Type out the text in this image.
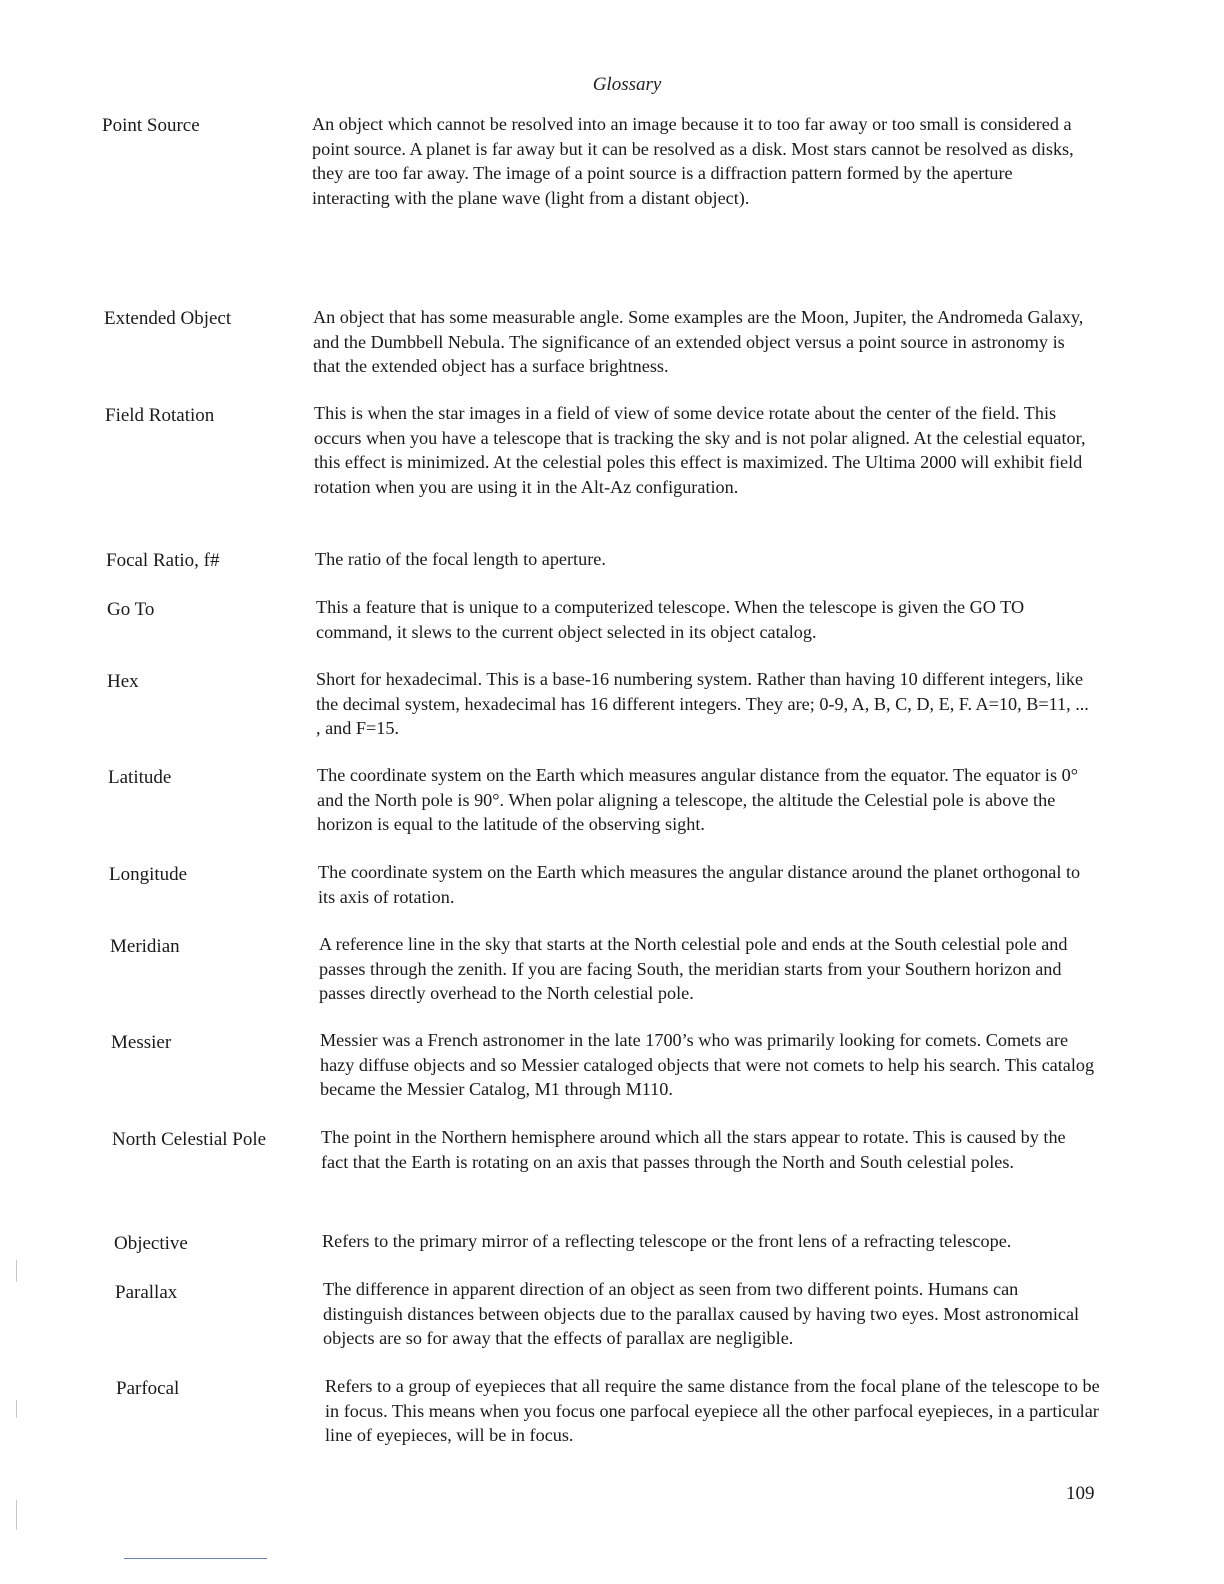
Glossary
Point Source	An object which cannot be resolved into an image because it to too far away or too small is considered a point source. A planet is far away but it can be resolved as a disk. Most stars cannot be resolved as disks, they are too far away. The image of a point source is a diffraction pattern formed by the aperture interacting with the plane wave (light from a distant object).
Extended Object	An object that has some measurable angle. Some examples are the Moon, Jupiter, the Andromeda Galaxy, and the Dumbbell Nebula. The significance of an extended object versus a point source in astronomy is that the extended object has a surface brightness.
Field Rotation	This is when the star images in a field of view of some device rotate about the center of the field. This occurs when you have a telescope that is tracking the sky and is not polar aligned. At the celestial equator, this effect is minimized. At the celestial poles this effect is maximized. The Ultima 2000 will exhibit field rotation when you are using it in the Alt-Az configuration.
Focal Ratio, f#	The ratio of the focal length to aperture.
Go To	This a feature that is unique to a computerized telescope. When the telescope is given the GO TO command, it slews to the current object selected in its object catalog.
Hex	Short for hexadecimal. This is a base-16 numbering system. Rather than having 10 different integers, like the decimal system, hexadecimal has 16 different integers. They are; 0-9, A, B, C, D, E, F. A=10, B=11, ... , and F=15.
Latitude	The coordinate system on the Earth which measures angular distance from the equator. The equator is 0° and the North pole is 90°. When polar aligning a telescope, the altitude the Celestial pole is above the horizon is equal to the latitude of the observing sight.
Longitude	The coordinate system on the Earth which measures the angular distance around the planet orthogonal to its axis of rotation.
Meridian	A reference line in the sky that starts at the North celestial pole and ends at the South celestial pole and passes through the zenith. If you are facing South, the meridian starts from your Southern horizon and passes directly overhead to the North celestial pole.
Messier	Messier was a French astronomer in the late 1700’s who was primarily looking for comets. Comets are hazy diffuse objects and so Messier cataloged objects that were not comets to help his search. This catalog became the Messier Catalog, M1 through M110.
North Celestial Pole	The point in the Northern hemisphere around which all the stars appear to rotate. This is caused by the fact that the Earth is rotating on an axis that passes through the North and South celestial poles.
Objective	Refers to the primary mirror of a reflecting telescope or the front lens of a refracting telescope.
Parallax	The difference in apparent direction of an object as seen from two different points. Humans can distinguish distances between objects due to the parallax caused by having two eyes. Most astronomical objects are so for away that the effects of parallax are negligible.
Parfocal	Refers to a group of eyepieces that all require the same distance from the focal plane of the telescope to be in focus. This means when you focus one parfocal eyepiece all the other parfocal eyepieces, in a particular line of eyepieces, will be in focus.
109
